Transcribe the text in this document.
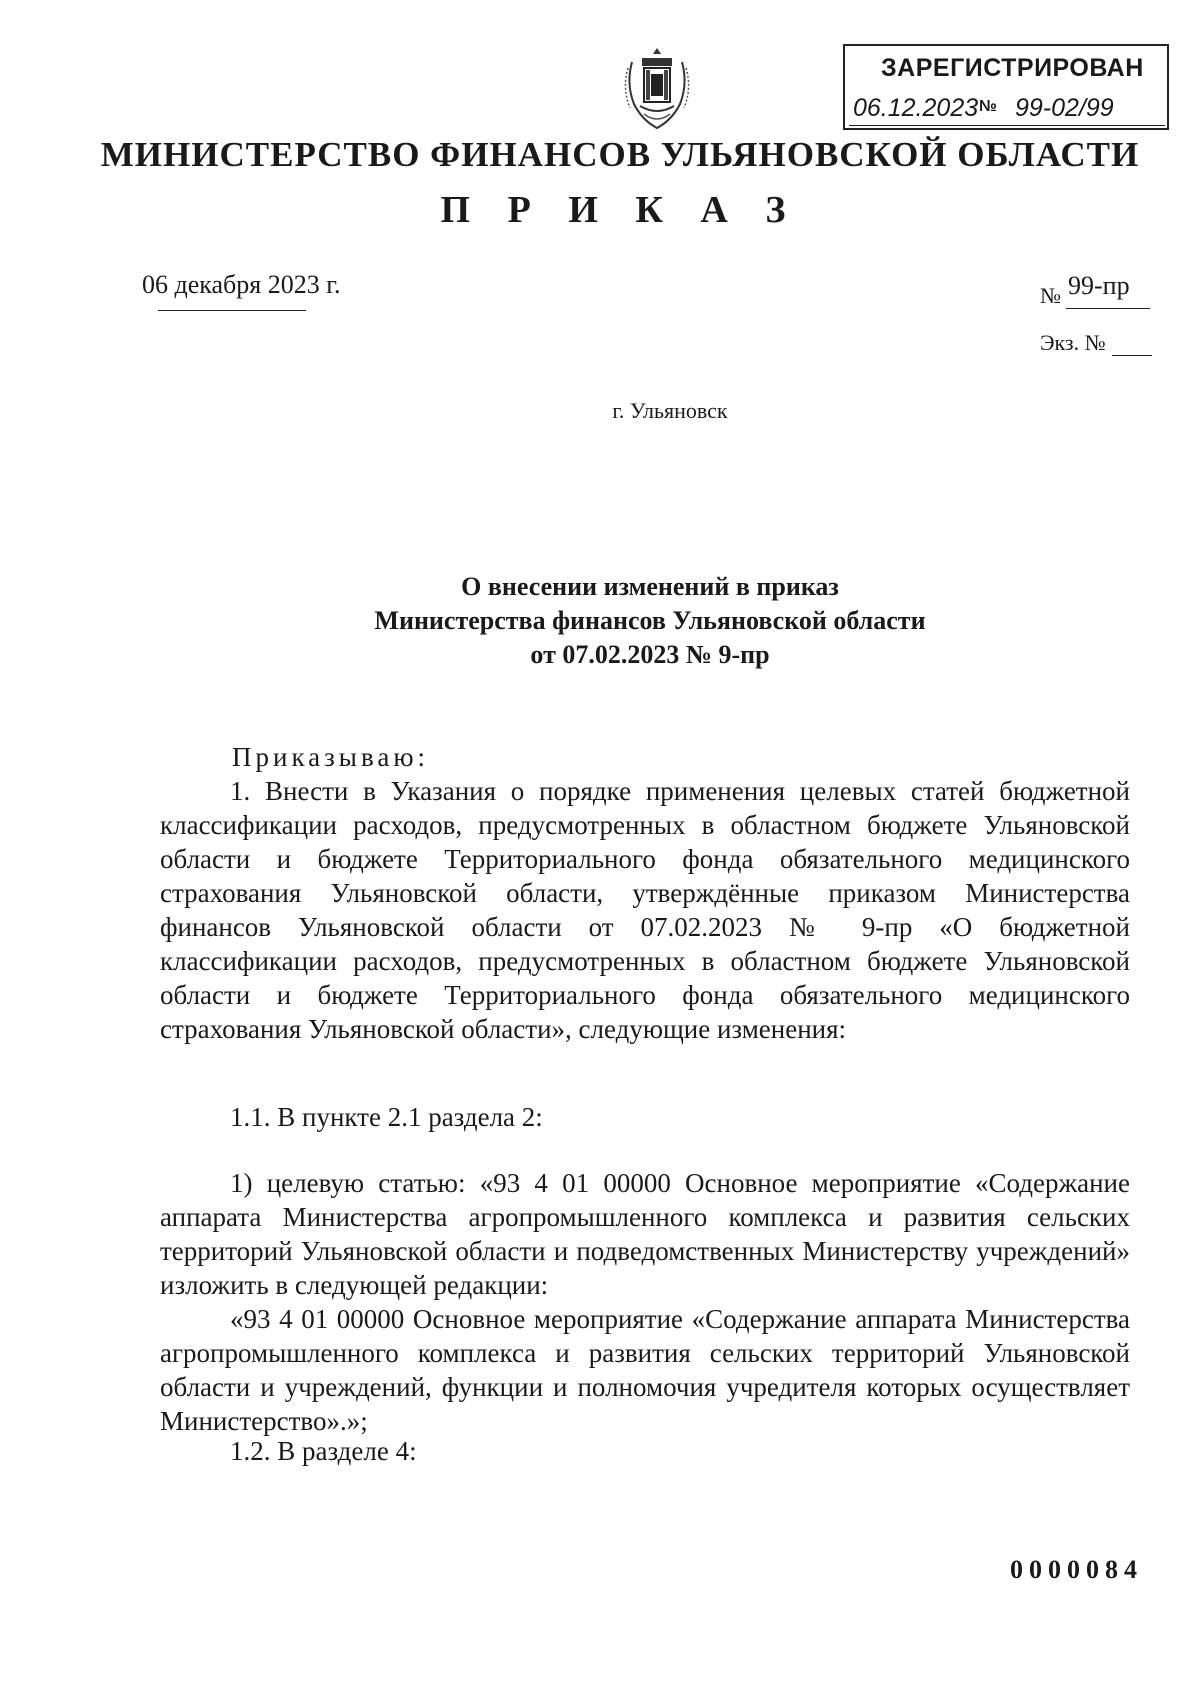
ЗАРЕГИСТРИРОВАН
06.12.2023 № 99-02/99
МИНИСТЕРСТВО ФИНАНСОВ УЛЬЯНОВСКОЙ ОБЛАСТИ
П Р И К А З
06 декабря 2023 г.	№ 99-пр
Экз. №
г. Ульяновск
О внесении изменений в приказ
Министерства финансов Ульяновской области
от 07.02.2023 № 9-пр
Приказываю:
1. Внести в Указания о порядке применения целевых статей бюджетной классификации расходов, предусмотренных в областном бюджете Ульяновской области и бюджете Территориального фонда обязательного медицинского страхования Ульяновской области, утверждённые приказом Министерства финансов Ульяновской области от 07.02.2023 № 9-пр «О бюджетной классификации расходов, предусмотренных в областном бюджете Ульяновской области и бюджете Территориального фонда обязательного медицинского страхования Ульяновской области», следующие изменения:
1.1. В пункте 2.1 раздела 2:
1) целевую статью: «93 4 01 00000 Основное мероприятие «Содержание аппарата Министерства агропромышленного комплекса и развития сельских территорий Ульяновской области и подведомственных Министерству учреждений» изложить в следующей редакции:
«93 4 01 00000 Основное мероприятие «Содержание аппарата Министерства агропромышленного комплекса и развития сельских территорий Ульяновской области и учреждений, функции и полномочия учредителя которых осуществляет Министерство».»;
1.2. В разделе 4:
0000084
